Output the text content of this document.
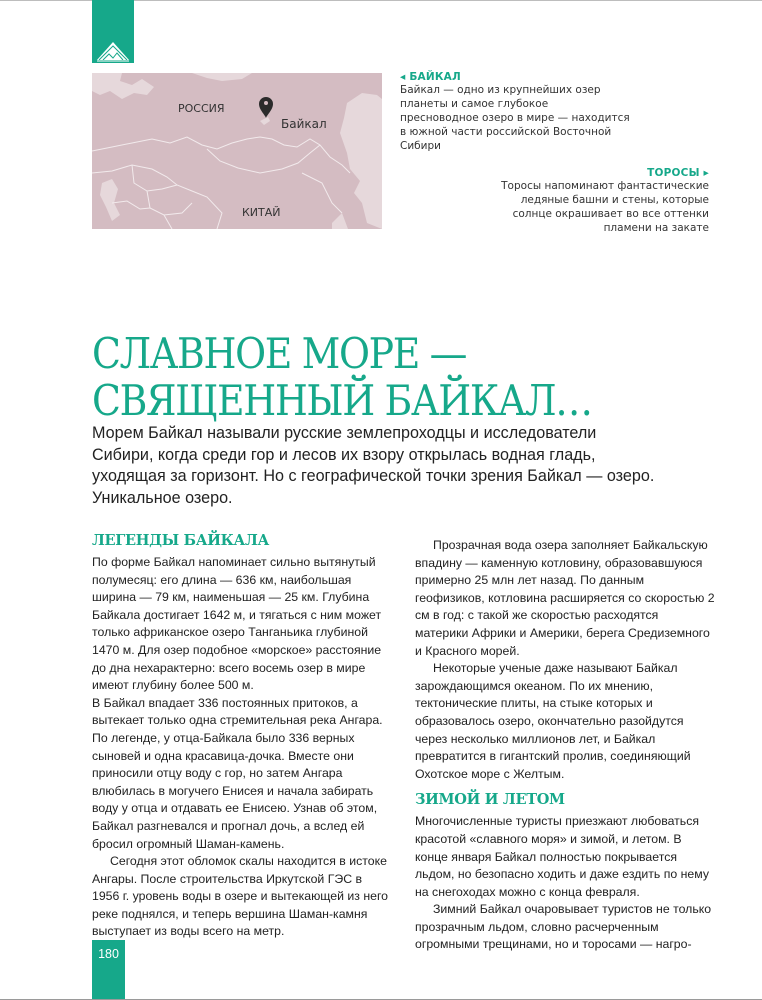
РОССИЯ
Байкал
КИТАЙ
◂ БАЙКАЛ
Байкал — одно из крупнейших озер планеты и самое глубокое пресноводное озеро в мире — находится в южной части российской Восточной Сибири
ТОРОСЫ ▸
Торосы напоминают фантастические ледяные башни и стены, которые солнце окрашивает во все оттенки пламени на закате
СЛАВНОЕ МОРЕ —
СВЯЩЕННЫЙ БАЙКАЛ…
Морем Байкал называли русские землепроходцы и исследователи Сибири, когда среди гор и лесов их взору открылась водная гладь, уходящая за горизонт. Но с географической точки зрения Байкал — озеро. Уникальное озеро.
ЛЕГЕНДЫ БАЙКАЛА

По форме Байкал напоминает сильно вытянутый полумесяц: его длина — 636 км, наибольшая ширина — 79 км, наименьшая — 25 км. Глубина Байкала достигает 1642 м, и тягаться с ним может только африканское озеро Танганьика глубиной 1470 м. Для озер подобное «морское» расстояние до дна нехарактерно: всего восемь озер в мире имеют глубину более 500 м.

В Байкал впадает 336 постоянных притоков, а вытекает только одна стремительная река Ангара. По легенде, у отца-Байкала было 336 верных сыновей и одна красавица-дочка. Вместе они приносили отцу воду с гор, но затем Ангара влюбилась в могучего Енисея и начала забирать воду у отца и отдавать ее Енисею. Узнав об этом, Байкал разгневался и прогнал дочь, а вслед ей бросил огромный Шаман-камень.

Сегодня этот обломок скалы находится в истоке Ангары. После строительства Иркутской ГЭС в 1956 г. уровень воды в озере и вытекающей из него реке поднялся, и теперь вершина Шаман-камня выступает из воды всего на метр.

Прозрачная вода озера заполняет Байкальскую впадину — каменную котловину, образовавшуюся примерно 25 млн лет назад. По данным геофизиков, котловина расширяется со скоростью 2 см в год: с такой же скоростью расходятся материки Африки и Америки, берега Средиземного и Красного морей.

Некоторые ученые даже называют Байкал зарождающимся океаном. По их мнению, тектонические плиты, на стыке которых и образовалось озеро, окончательно разойдутся через несколько миллионов лет, и Байкал превратится в гигантский пролив, соединяющий Охотское море с Желтым.

ЗИМОЙ И ЛЕТОМ

Многочисленные туристы приезжают любоваться красотой «славного моря» и зимой, и летом. В конце января Байкал полностью покрывается льдом, но безопасно ходить и даже ездить по нему на снегоходах можно с конца февраля.

Зимний Байкал очаровывает туристов не только прозрачным льдом, словно расчерченным огромными трещинами, но и торосами — нагро-

180
